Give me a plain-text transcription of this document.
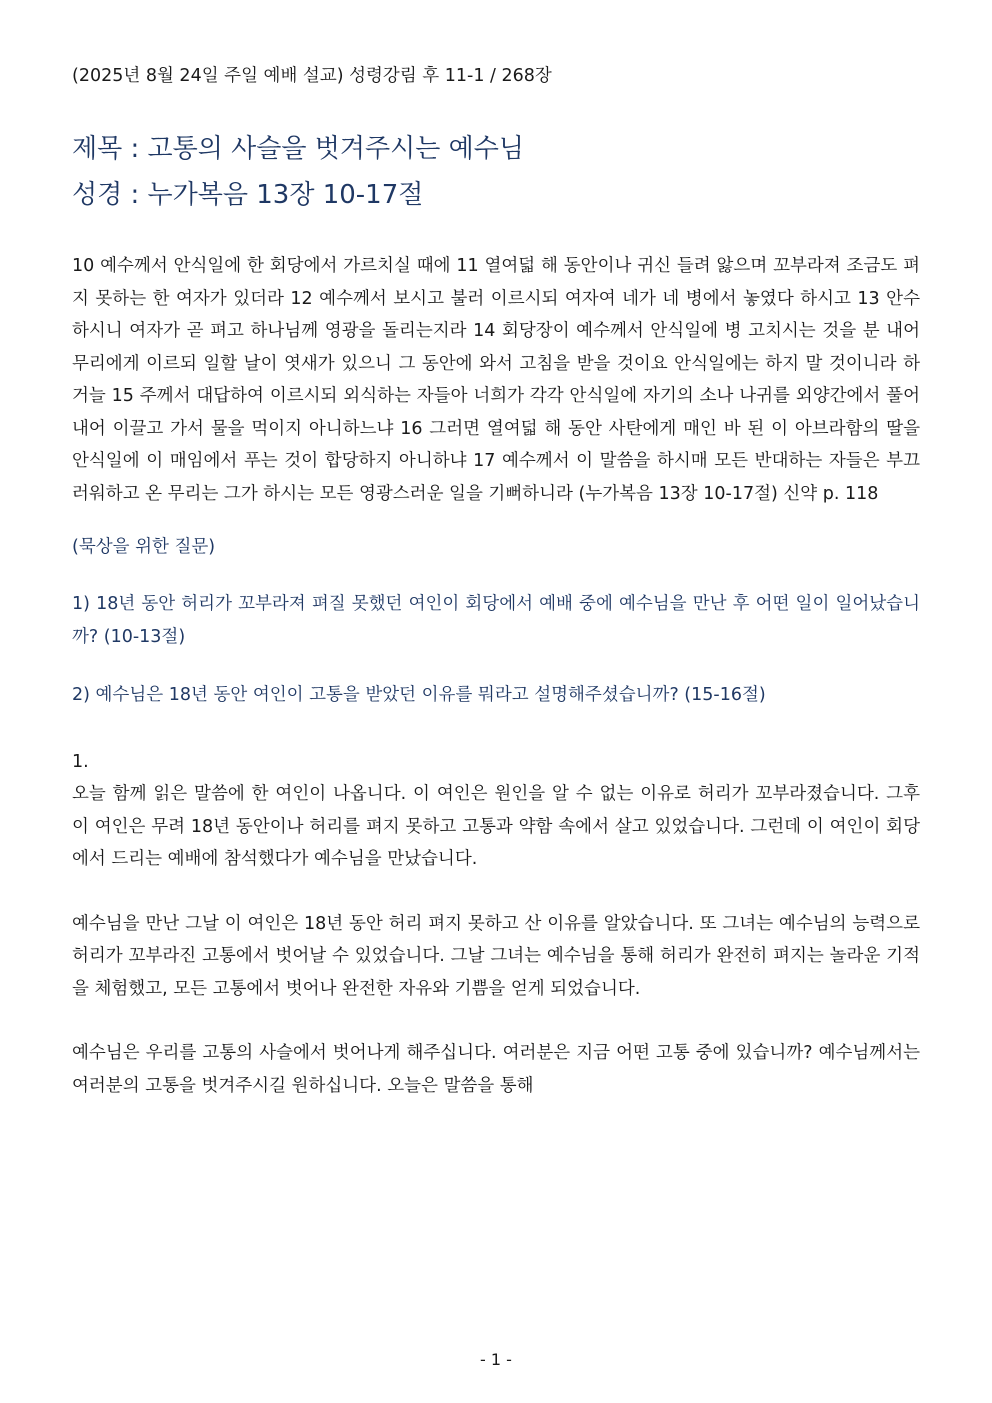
(2025년 8월 24일 주일 예배 설교) 성령강림 후 11-1 / 268장

제목 : 고통의 사슬을 벗겨주시는 예수님

성경 : 누가복음 13장 10-17절

10 예수께서 안식일에 한 회당에서 가르치실 때에 11 열여덟 해 동안이나 귀신 들려 앓으며 꼬부라져 조금도 펴지 못하는 한 여자가 있더라 12 예수께서 보시고 불러 이르시되 여자여 네가 네 병에서 놓였다 하시고 13 안수하시니 여자가 곧 펴고 하나님께 영광을 돌리는지라 14 회당장이 예수께서 안식일에 병 고치시는 것을 분 내어 무리에게 이르되 일할 날이 엿새가 있으니 그 동안에 와서 고침을 받을 것이요 안식일에는 하지 말 것이니라 하거늘 15 주께서 대답하여 이르시되 외식하는 자들아 너희가 각각 안식일에 자기의 소나 나귀를 외양간에서 풀어내어 이끌고 가서 물을 먹이지 아니하느냐 16 그러면 열여덟 해 동안 사탄에게 매인 바 된 이 아브라함의 딸을 안식일에 이 매임에서 푸는 것이 합당하지 아니하냐 17 예수께서 이 말씀을 하시매 모든 반대하는 자들은 부끄러워하고 온 무리는 그가 하시는 모든 영광스러운 일을 기뻐하니라 (누가복음 13장 10-17절) 신약 p. 118

(묵상을 위한 질문)

1) 18년 동안 허리가 꼬부라져 펴질 못했던 여인이 회당에서 예배 중에 예수님을 만난 후 어떤 일이 일어났습니까? (10-13절)

2) 예수님은 18년 동안 여인이 고통을 받았던 이유를 뭐라고 설명해주셨습니까? (15-16절)

1.

오늘 함께 읽은 말씀에 한 여인이 나옵니다. 이 여인은 원인을 알 수 없는 이유로 허리가 꼬부라졌습니다. 그후 이 여인은 무려 18년 동안이나 허리를 펴지 못하고 고통과 약함 속에서 살고 있었습니다. 그런데 이 여인이 회당에서 드리는 예배에 참석했다가 예수님을 만났습니다.

예수님을 만난 그날 이 여인은 18년 동안 허리 펴지 못하고 산 이유를 알았습니다. 또 그녀는 예수님의 능력으로 허리가 꼬부라진 고통에서 벗어날 수 있었습니다. 그날 그녀는 예수님을 통해 허리가 완전히 펴지는 놀라운 기적을 체험했고, 모든 고통에서 벗어나 완전한 자유와 기쁨을 얻게 되었습니다.

예수님은 우리를 고통의 사슬에서 벗어나게 해주십니다. 여러분은 지금 어떤 고통 중에 있습니까? 예수님께서는 여러분의 고통을 벗겨주시길 원하십니다. 오늘은 말씀을 통해

- 1 -
